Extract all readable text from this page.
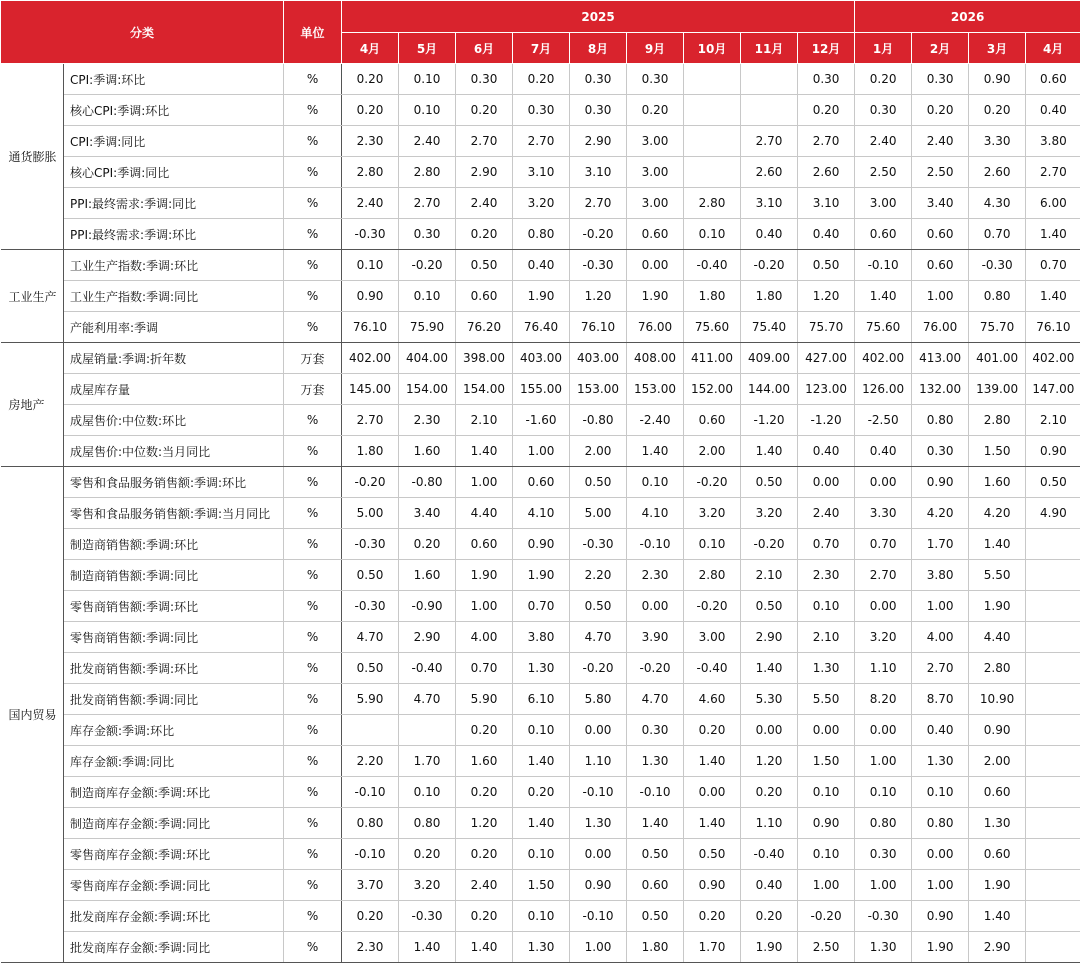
分类		单位	2025									2026			
			4月	5月	6月	7月	8月	9月	10月	11月	12月	1月	2月	3月	4月
通货膨胀	CPI:季调:环比	%	0.20	0.10	0.30	0.20	0.30	0.30			0.30	0.20	0.30	0.90	0.60
	核心CPI:季调:环比	%	0.20	0.10	0.20	0.30	0.30	0.20			0.20	0.30	0.20	0.20	0.40
	CPI:季调:同比	%	2.30	2.40	2.70	2.70	2.90	3.00		2.70	2.70	2.40	2.40	3.30	3.80
	核心CPI:季调:同比	%	2.80	2.80	2.90	3.10	3.10	3.00		2.60	2.60	2.50	2.50	2.60	2.70
	PPI:最终需求:季调:同比	%	2.40	2.70	2.40	3.20	2.70	3.00	2.80	3.10	3.10	3.00	3.40	4.30	6.00
	PPI:最终需求:季调:环比	%	-0.30	0.30	0.20	0.80	-0.20	0.60	0.10	0.40	0.40	0.60	0.60	0.70	1.40
工业生产	工业生产指数:季调:环比	%	0.10	-0.20	0.50	0.40	-0.30	0.00	-0.40	-0.20	0.50	-0.10	0.60	-0.30	0.70
	工业生产指数:季调:同比	%	0.90	0.10	0.60	1.90	1.20	1.90	1.80	1.80	1.20	1.40	1.00	0.80	1.40
	产能利用率:季调	%	76.10	75.90	76.20	76.40	76.10	76.00	75.60	75.40	75.70	75.60	76.00	75.70	76.10
房地产	成屋销量:季调:折年数	万套	402.00	404.00	398.00	403.00	403.00	408.00	411.00	409.00	427.00	402.00	413.00	401.00	402.00
	成屋库存量	万套	145.00	154.00	154.00	155.00	153.00	153.00	152.00	144.00	123.00	126.00	132.00	139.00	147.00
	成屋售价:中位数:环比	%	2.70	2.30	2.10	-1.60	-0.80	-2.40	0.60	-1.20	-1.20	-2.50	0.80	2.80	2.10
	成屋售价:中位数:当月同比	%	1.80	1.60	1.40	1.00	2.00	1.40	2.00	1.40	0.40	0.40	0.30	1.50	0.90
国内贸易	零售和食品服务销售额:季调:环比	%	-0.20	-0.80	1.00	0.60	0.50	0.10	-0.20	0.50	0.00	0.00	0.90	1.60	0.50
	零售和食品服务销售额:季调:当月同比	%	5.00	3.40	4.40	4.10	5.00	4.10	3.20	3.20	2.40	3.30	4.20	4.20	4.90
	制造商销售额:季调:环比	%	-0.30	0.20	0.60	0.90	-0.30	-0.10	0.10	-0.20	0.70	0.70	1.70	1.40	
	制造商销售额:季调:同比	%	0.50	1.60	1.90	1.90	2.20	2.30	2.80	2.10	2.30	2.70	3.80	5.50	
	零售商销售额:季调:环比	%	-0.30	-0.90	1.00	0.70	0.50	0.00	-0.20	0.50	0.10	0.00	1.00	1.90	
	零售商销售额:季调:同比	%	4.70	2.90	4.00	3.80	4.70	3.90	3.00	2.90	2.10	3.20	4.00	4.40	
	批发商销售额:季调:环比	%	0.50	-0.40	0.70	1.30	-0.20	-0.20	-0.40	1.40	1.30	1.10	2.70	2.80	
	批发商销售额:季调:同比	%	5.90	4.70	5.90	6.10	5.80	4.70	4.60	5.30	5.50	8.20	8.70	10.90	
	库存金额:季调:环比	%			0.20	0.10	0.00	0.30	0.20	0.00	0.00	0.00	0.40	0.90	
	库存金额:季调:同比	%	2.20	1.70	1.60	1.40	1.10	1.30	1.40	1.20	1.50	1.00	1.30	2.00	
	制造商库存金额:季调:环比	%	-0.10	0.10	0.20	0.20	-0.10	-0.10	0.00	0.20	0.10	0.10	0.10	0.60	
	制造商库存金额:季调:同比	%	0.80	0.80	1.20	1.40	1.30	1.40	1.40	1.10	0.90	0.80	0.80	1.30	
	零售商库存金额:季调:环比	%	-0.10	0.20	0.20	0.10	0.00	0.50	0.50	-0.40	0.10	0.30	0.00	0.60	
	零售商库存金额:季调:同比	%	3.70	3.20	2.40	1.50	0.90	0.60	0.90	0.40	1.00	1.00	1.00	1.90	
	批发商库存金额:季调:环比	%	0.20	-0.30	0.20	0.10	-0.10	0.50	0.20	0.20	-0.20	-0.30	0.90	1.40	
	批发商库存金额:季调:同比	%	2.30	1.40	1.40	1.30	1.00	1.80	1.70	1.90	2.50	1.30	1.90	2.90	
